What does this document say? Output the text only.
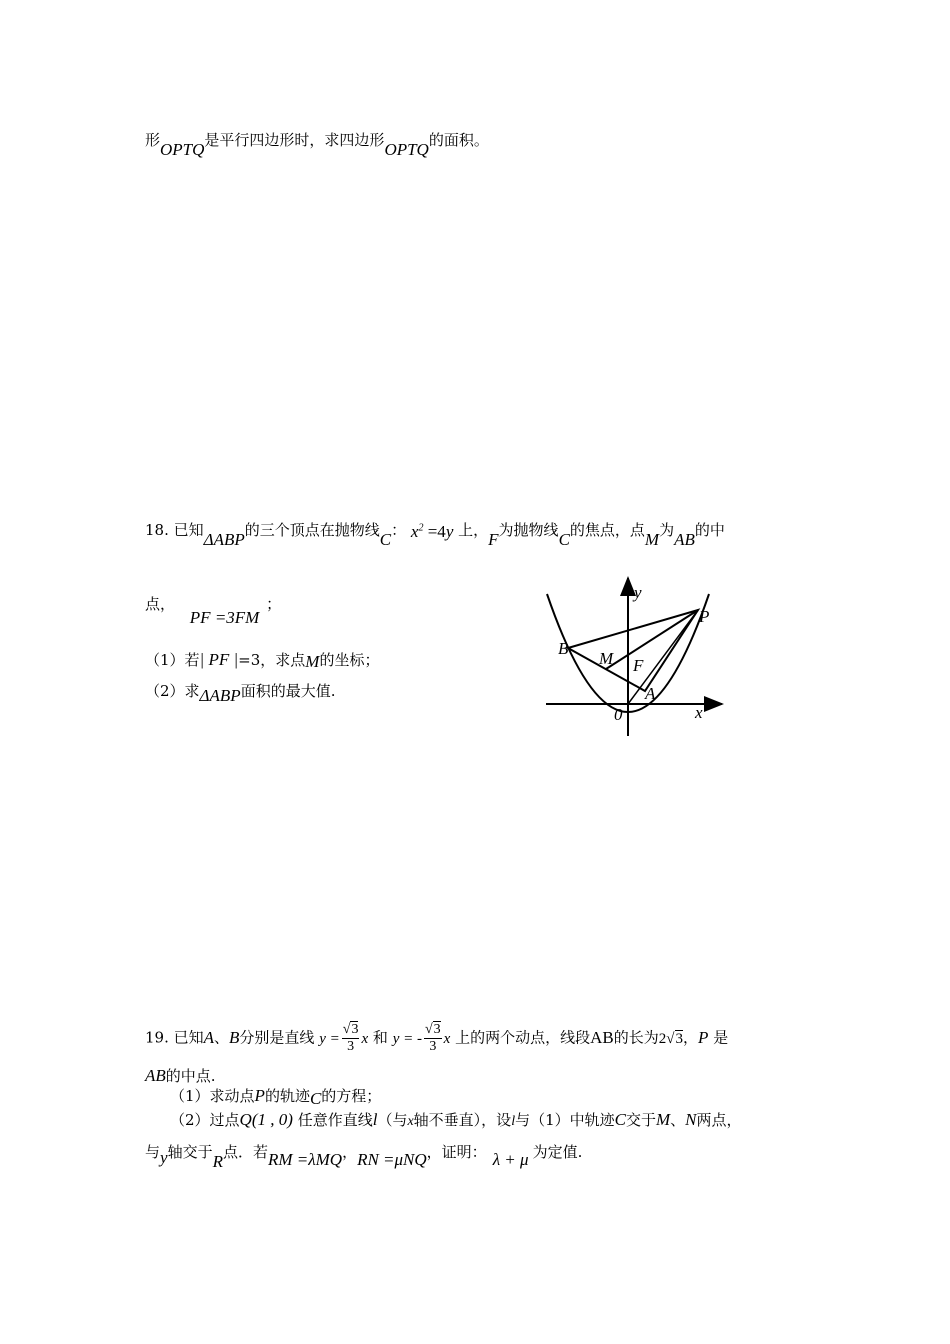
形OPTQ是平行四边形时，求四边形OPTQ的面积。
18. 已知ΔABP的三个顶点在抛物线C： $x^2 =4y$ 上，F为抛物线C的焦点，点M为AB的中
点， PF =3FM ；
（1）若| PF |=3，求点M的坐标；
（2）求ΔABP面积的最大值.
y
x
P
B
M F
A
0
19. 已知A、B分别是直线 $y = \frac{√3}{3}$ x 和 y = - $\frac{√3}{3}$ x 上的两个动点，线段AB的长为2√3，P 是
AB的中点.
（1）求动点P的轨迹C的方程；
（2）过点Q(1 , 0) 任意作直线l（与x轴不垂直），设l与（1）中轨迹C交于M、N两点，
与y轴交于R点．若RM =λMQ，RN =μNQ，证明： λ + μ 为定值.
